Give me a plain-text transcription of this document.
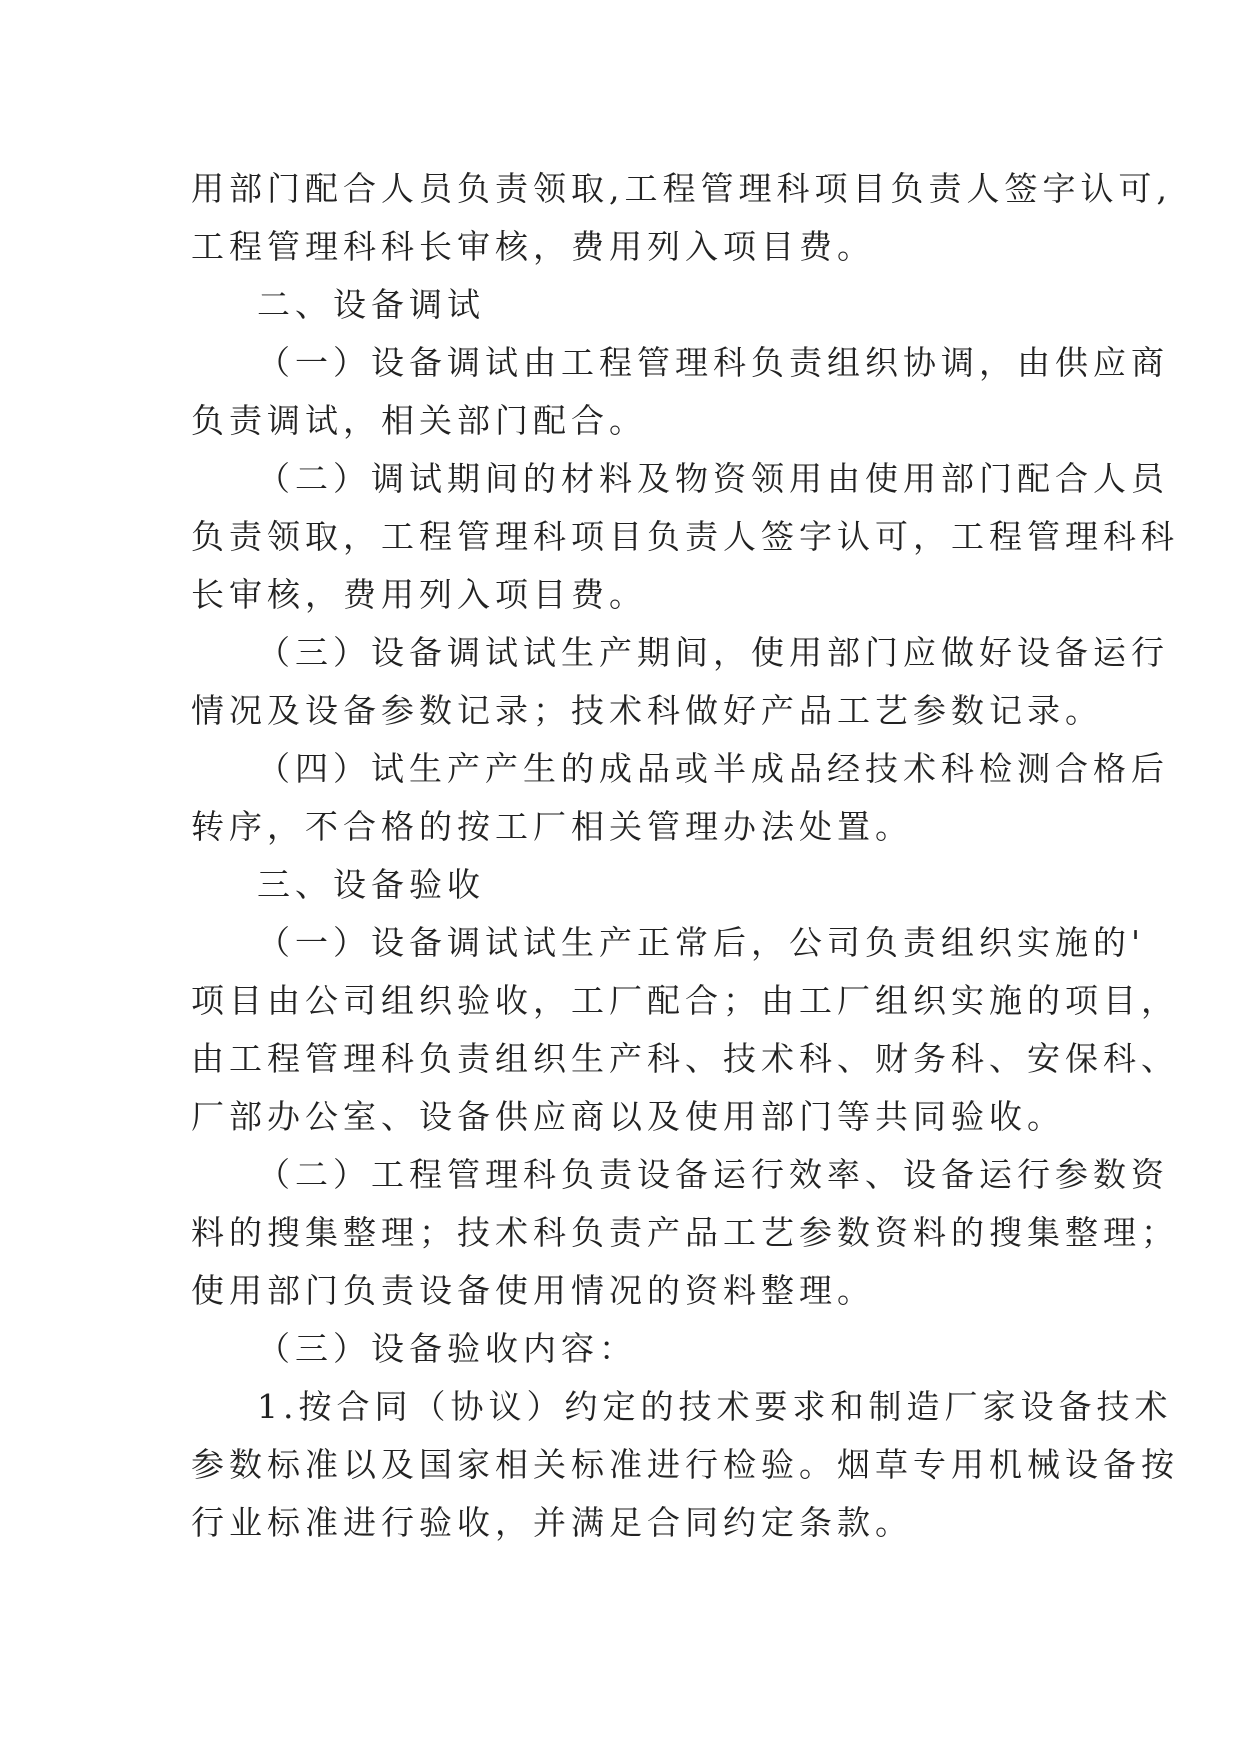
用部门配合人员负责领取,工程管理科项目负责人签字认可,
工程管理科科长审核，费用列入项目费。
二、设备调试
（一）设备调试由工程管理科负责组织协调，由供应商
负责调试，相关部门配合。
（二）调试期间的材料及物资领用由使用部门配合人员
负责领取，工程管理科项目负责人签字认可，工程管理科科
长审核，费用列入项目费。
（三）设备调试试生产期间，使用部门应做好设备运行
情况及设备参数记录；技术科做好产品工艺参数记录。
（四）试生产产生的成品或半成品经技术科检测合格后
转序，不合格的按工厂相关管理办法处置。
三、设备验收
（一）设备调试试生产正常后，公司负责组织实施的'
项目由公司组织验收，工厂配合；由工厂组织实施的项目，
由工程管理科负责组织生产科、技术科、财务科、安保科、
厂部办公室、设备供应商以及使用部门等共同验收。
（二）工程管理科负责设备运行效率、设备运行参数资
料的搜集整理；技术科负责产品工艺参数资料的搜集整理；
使用部门负责设备使用情况的资料整理。
（三）设备验收内容：
1.按合同（协议）约定的技术要求和制造厂家设备技术
参数标准以及国家相关标准进行检验。烟草专用机械设备按
行业标准进行验收，并满足合同约定条款。
